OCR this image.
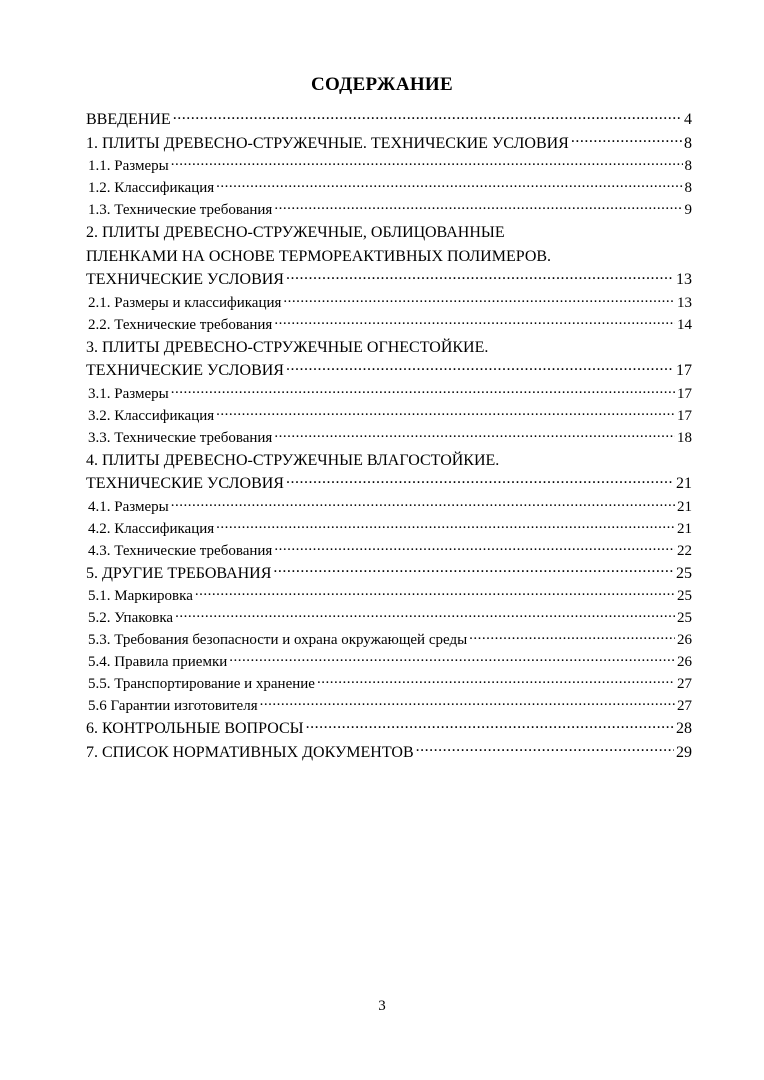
СОДЕРЖАНИЕ
ВВЕДЕНИЕ .....	4
1. ПЛИТЫ ДРЕВЕСНО-СТРУЖЕЧНЫЕ. ТЕХНИЧЕСКИЕ УСЛОВИЯ .....	8
1.1. Размеры .....	8
1.2. Классификация .....	8
1.3. Технические требования .....	9
2. ПЛИТЫ ДРЕВЕСНО-СТРУЖЕЧНЫЕ, ОБЛИЦОВАННЫЕ
ПЛЕНКАМИ НА ОСНОВЕ ТЕРМОРЕАКТИВНЫХ ПОЛИМЕРОВ.
ТЕХНИЧЕСКИЕ УСЛОВИЯ .....	13
2.1. Размеры и классификация .....	13
2.2. Технические требования .....	14
3. ПЛИТЫ ДРЕВЕСНО-СТРУЖЕЧНЫЕ ОГНЕСТОЙКИЕ.
ТЕХНИЧЕСКИЕ УСЛОВИЯ .....	17
3.1. Размеры .....	17
3.2. Классификация .....	17
3.3. Технические требования .....	18
4. ПЛИТЫ ДРЕВЕСНО-СТРУЖЕЧНЫЕ ВЛАГОСТОЙКИЕ.
ТЕХНИЧЕСКИЕ УСЛОВИЯ .....	21
4.1. Размеры .....	21
4.2. Классификация .....	21
4.3. Технические требования .....	22
5. ДРУГИЕ ТРЕБОВАНИЯ .....	25
5.1. Маркировка .....	25
5.2. Упаковка .....	25
5.3. Требования безопасности и охрана окружающей среды .....	26
5.4. Правила приемки .....	26
5.5. Транспортирование и хранение .....	27
5.6 Гарантии изготовителя .....	27
6. КОНТРОЛЬНЫЕ ВОПРОСЫ .....	28
7. СПИСОК НОРМАТИВНЫХ ДОКУМЕНТОВ .....	29
3
